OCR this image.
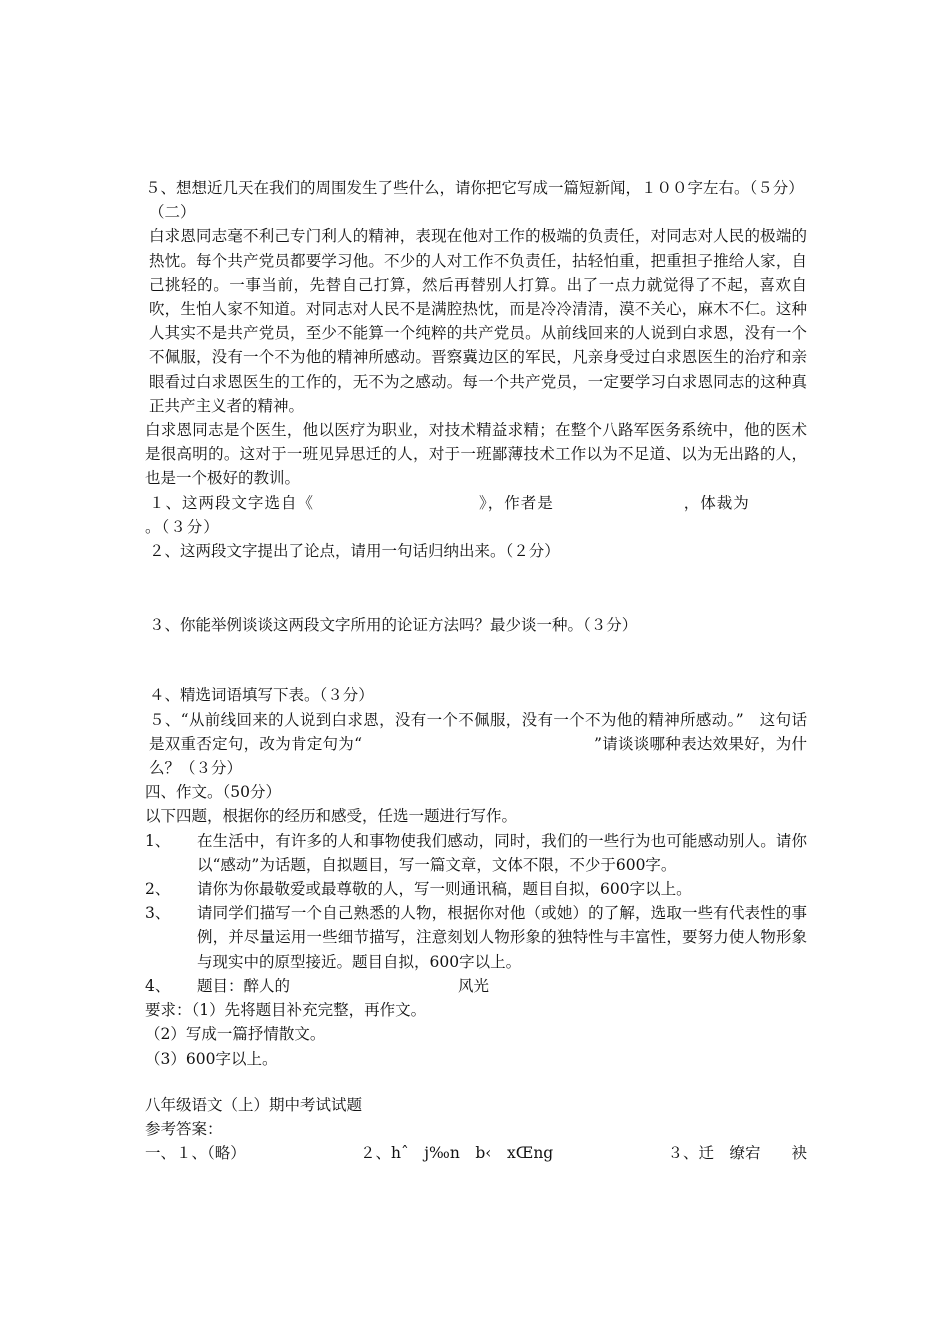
５、想想近几天在我们的周围发生了些什么，请你把它写成一篇短新闻，１００字左右。（５分）

（二）

白求恩同志毫不利己专门利人的精神，表现在他对工作的极端的负责任，对同志对人民的极端的热忱。每个共产党员都要学习他。不少的人对工作不负责任，拈轻怕重，把重担子推给人家，自己挑轻的。一事当前，先替自己打算，然后再替别人打算。出了一点力就觉得了不起，喜欢自吹，生怕人家不知道。对同志对人民不是满腔热忱，而是冷冷清清，漠不关心，麻木不仁。这种人其实不是共产党员，至少不能算一个纯粹的共产党员。从前线回来的人说到白求恩，没有一个不佩服，没有一个不为他的精神所感动。晋察冀边区的军民，凡亲身受过白求恩医生的治疗和亲眼看过白求恩医生的工作的，无不为之感动。每一个共产党员，一定要学习白求恩同志的这种真正共产主义者的精神。

白求恩同志是个医生，他以医疗为职业，对技术精益求精；在整个八路军医务系统中，他的医术是很高明的。这对于一班见异思迁的人，对于一班鄙薄技术工作以为不足道、以为无出路的人，也是一个极好的教训。

１、这两段文字选自《	》，作者是	，体裁为

。（３分）

２、这两段文字提出了论点，请用一句话归纳出来。（２分）

３、你能举例谈谈这两段文字所用的论证方法吗？最少谈一种。（３分）

４、精选词语填写下表。（３分）

５、“从前线回来的人说到白求恩，没有一个不佩服，没有一个不为他的精神所感动。”　这句话是双重否定句，改为肯定句为“	”请谈谈哪种表达效果好，为什么？（３分）

四、作文。（50分）

以下四题，根据你的经历和感受，任选一题进行写作。

1、	在生活中，有许多的人和事物使我们感动，同时，我们的一些行为也可能感动别人。请你以“感动”为话题，自拟题目，写一篇文章，文体不限，不少于600字。
2、	请你为你最敬爱或最尊敬的人，写一则通讯稿，题目自拟，600字以上。
3、	请同学们描写一个自己熟悉的人物，根据你对他（或她）的了解，选取一些有代表性的事例，并尽量运用一些细节描写，注意刻划人物形象的独特性与丰富性，要努力使人物形象与现实中的原型接近。题目自拟，600字以上。
4、	题目：醉人的	风光

要求：（1）先将题目补充完整，再作文。

（2）写成一篇抒情散文。

（3）600字以上。

八年级语文（上）期中考试试题

参考答案：

一、１、（略）	２、hˆ　j‰n　b‹　xŒng	３、迁　缭宕　　袂
